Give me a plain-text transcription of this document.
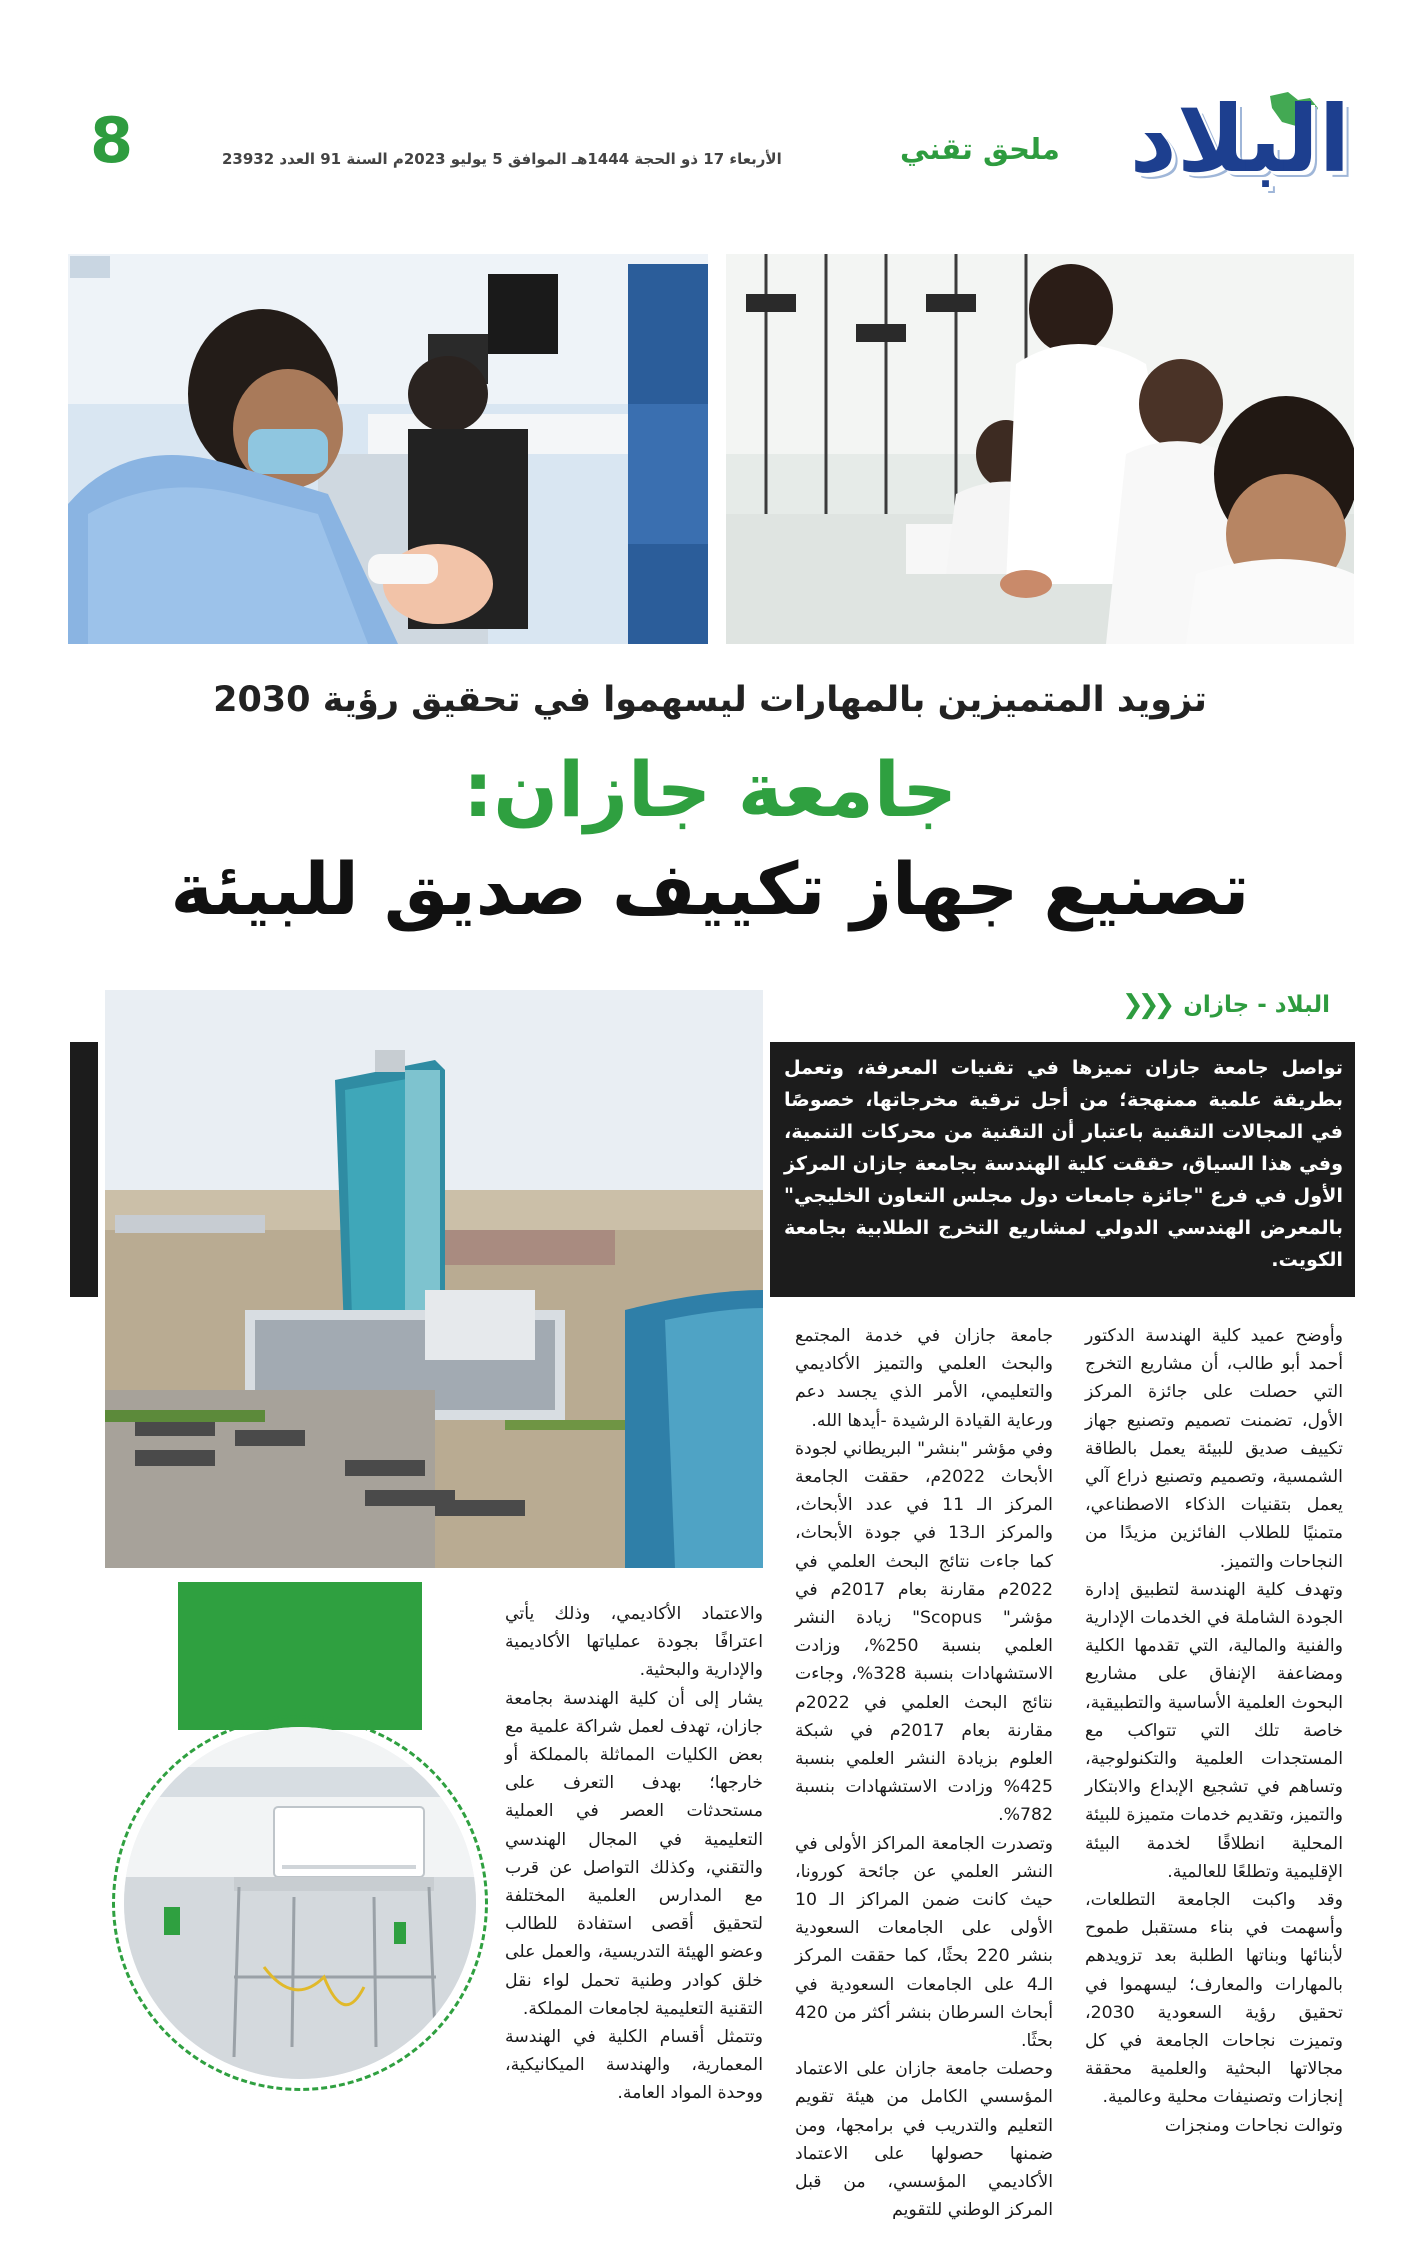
البلاد
ملحق تقني
الأربعاء 17 ذو الحجة 1444هـ الموافق 5 يوليو 2023م السنة 91 العدد 23932
8
تزويد المتميزين بالمهارات ليسهموا في تحقيق رؤية 2030
جامعة جازان:
تصنيع جهاز تكييف صديق للبيئة
البلاد - جازان
❮❮❮
تواصل جامعة جازان تميزها في تقنيات المعرفة، وتعمل بطريقة علمية ممنهجة؛ من أجل ترقية مخرجاتها، خصوصًا في المجالات التقنية باعتبار أن التقنية من محركات التنمية، وفي هذا السياق، حققت كلية الهندسة بجامعة جازان المركز الأول في فرع "جائزة جامعات دول مجلس التعاون الخليجي" بالمعرض الهندسي الدولي لمشاريع التخرج الطلابية بجامعة الكويت.

وأوضح عميد كلية الهندسة الدكتور أحمد أبو طالب، أن مشاريع التخرج التي حصلت على جائزة المركز الأول، تضمنت تصميم وتصنيع جهاز تكييف صديق للبيئة يعمل بالطاقة الشمسية، وتصميم وتصنيع ذراع آلي يعمل بتقنيات الذكاء الاصطناعي، متمنيًا للطلاب الفائزين مزيدًا من النجاحات والتميز.

وتهدف كلية الهندسة لتطبيق إدارة الجودة الشاملة في الخدمات الإدارية والفنية والمالية، التي تقدمها الكلية ومضاعفة الإنفاق على مشاريع البحوث العلمية الأساسية والتطبيقية، خاصة تلك التي تتواكب مع المستجدات العلمية والتكنولوجية، وتساهم في تشجيع الإبداع والابتكار والتميز، وتقديم خدمات متميزة للبيئة المحلية انطلاقًا لخدمة البيئة الإقليمية وتطلعًا للعالمية.

وقد واكبت الجامعة التطلعات، وأسهمت في بناء مستقبل طموح لأبنائها وبناتها الطلبة بعد تزويدهم بالمهارات والمعارف؛ ليسهموا في تحقيق رؤية السعودية 2030، وتميزت نجاحات الجامعة في كل مجالاتها البحثية والعلمية محققة إنجازات وتصنيفات محلية وعالمية.

وتوالت نجاحات ومنجزات

جامعة جازان في خدمة المجتمع والبحث العلمي والتميز الأكاديمي والتعليمي، الأمر الذي يجسد دعم ورعاية القيادة الرشيدة -أيدها الله.

وفي مؤشر "بنشر" البريطاني لجودة الأبحاث 2022م، حققت الجامعة المركز الـ 11 في عدد الأبحاث، والمركز الـ13 في جودة الأبحاث، كما جاءت نتائج البحث العلمي في 2022م مقارنة بعام 2017م في مؤشر" Scopus" زيادة النشر العلمي بنسبة 250%، وزادت الاستشهادات بنسبة 328%، وجاءت نتائج البحث العلمي في 2022م مقارنة بعام 2017م في شبكة العلوم بزيادة النشر العلمي بنسبة 425% وزادت الاستشهادات بنسبة 782%.

وتصدرت الجامعة المراكز الأولى في النشر العلمي عن جائحة كورونا، حيث كانت ضمن المراكز الـ 10 الأولى على الجامعات السعودية بنشر 220 بحثًا، كما حققت المركز الـ4 على الجامعات السعودية في أبحاث السرطان بنشر أكثر من 420 بحثًا.

وحصلت جامعة جازان على الاعتماد المؤسسي الكامل من هيئة تقويم التعليم والتدريب في برامجها، ومن ضمنها حصولها على الاعتماد الأكاديمي المؤسسي، من قبل المركز الوطني للتقويم

والاعتماد الأكاديمي، وذلك يأتي اعترافًا بجودة عملياتها الأكاديمية والإدارية والبحثية.

يشار إلى أن كلية الهندسة بجامعة جازان، تهدف لعمل شراكة علمية مع بعض الكليات المماثلة بالمملكة أو خارجها؛ بهدف التعرف على مستحدثات العصر في العملية التعليمية في المجال الهندسي والتقني، وكذلك التواصل عن قرب مع المدارس العلمية المختلفة لتحقيق أقصى استفادة للطالب وعضو الهيئة التدريسية، والعمل على خلق كوادر وطنية تحمل لواء نقل التقنية التعليمية لجامعات المملكة.

وتتمثل أقسام الكلية في الهندسة المعمارية، والهندسة الميكانيكية، ووحدة المواد العامة.
